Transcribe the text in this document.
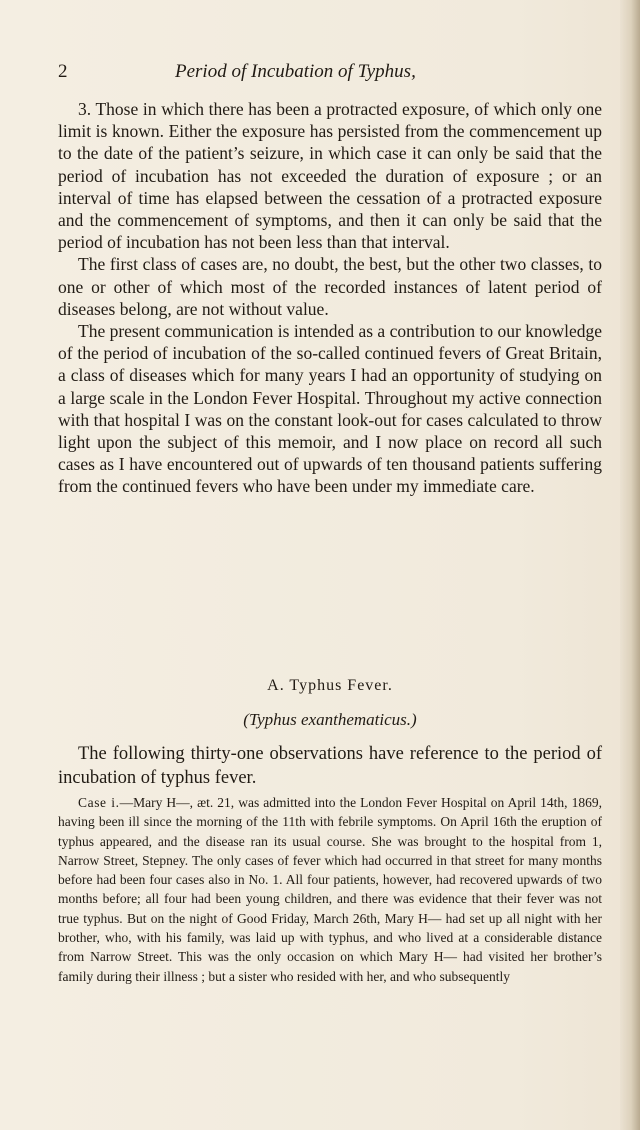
2	Period of Incubation of Typhus,

3. Those in which there has been a protracted exposure, of which only one limit is known. Either the exposure has persisted from the commencement up to the date of the patient’s seizure, in which case it can only be said that the period of incubation has not exceeded the duration of exposure ; or an interval of time has elapsed between the cessation of a protracted exposure and the commencement of symptoms, and then it can only be said that the period of incubation has not been less than that interval.

The first class of cases are, no doubt, the best, but the other two classes, to one or other of which most of the recorded instances of latent period of diseases belong, are not without value.

The present communication is intended as a contribution to our knowledge of the period of incubation of the so-called continued fevers of Great Britain, a class of diseases which for many years I had an opportunity of studying on a large scale in the London Fever Hospital. Throughout my active connection with that hospital I was on the constant look-out for cases calculated to throw light upon the subject of this memoir, and I now place on record all such cases as I have encountered out of upwards of ten thousand patients suffering from the continued fevers who have been under my immediate care.

A. Typhus Fever.
(Typhus exanthematicus.)

The following thirty-one observations have reference to the period of incubation of typhus fever.

Case i.—Mary H—, æt. 21, was admitted into the London Fever Hospital on April 14th, 1869, having been ill since the morning of the 11th with febrile symptoms. On April 16th the eruption of typhus appeared, and the disease ran its usual course. She was brought to the hospital from 1, Narrow Street, Stepney. The only cases of fever which had occurred in that street for many months before had been four cases also in No. 1. All four patients, however, had recovered upwards of two months before; all four had been young children, and there was evidence that their fever was not true typhus. But on the night of Good Friday, March 26th, Mary H— had set up all night with her brother, who, with his family, was laid up with typhus, and who lived at a considerable distance from Narrow Street. This was the only occasion on which Mary H— had visited her brother’s family during their illness ; but a sister who resided with her, and who subsequently
